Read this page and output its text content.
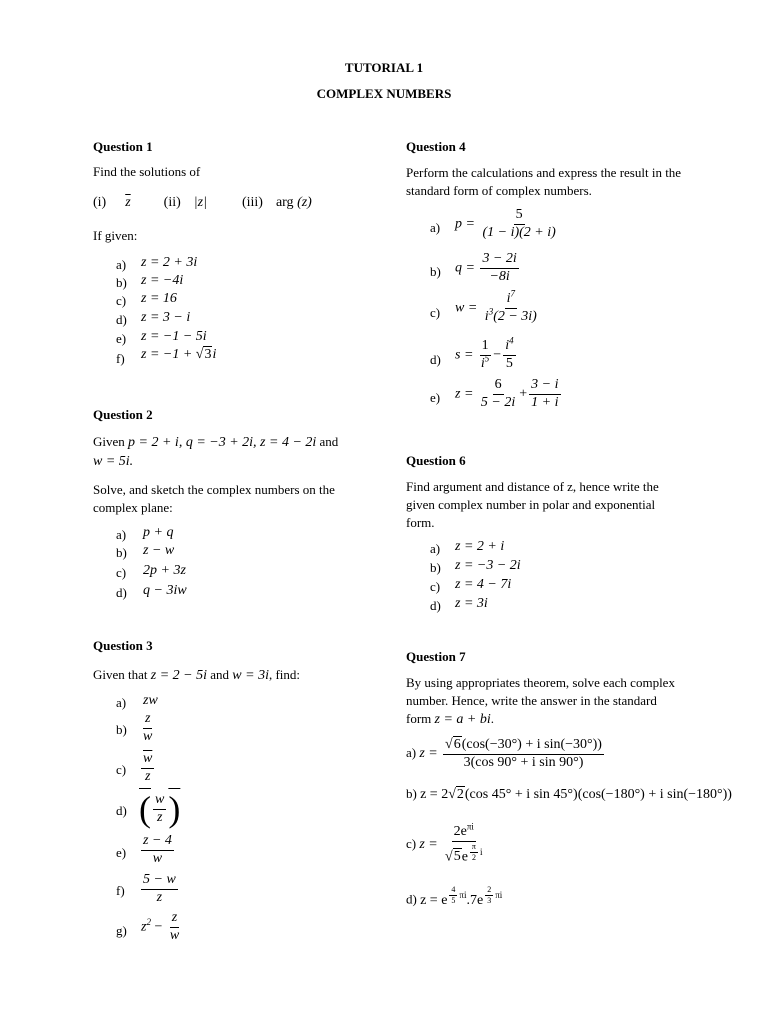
TUTORIAL 1
COMPLEX NUMBERS
Question 1
Find the solutions of
(i) $\overline{z}$ (ii) |z|	(iii) arg (z)
If given:
a) z = 2 + 3i
b) z = −4i
c) z = 16
d) z = 3 − i
e) z = −1 − 5i
f) z = −1 + √3i
Question 2
Given p = 2 + i, q = −3 + 2i, z = 4 − 2i and
w = 5i.
Solve, and sketch the complex numbers on the complex plane:
a) p + q
b) z − w
c) 2p + 3z
d) q − 3iw
Question 3
Given that z = 2 − 5i and w = 3i, find:
a) zw
$b) \frac{z}{w}$
$c) \frac{\overline{w}}{z}$
d) ( $\frac{w}{z}$ )
$e) \frac{z - 4}{w}$
$f) \frac{5 - w}{z}$
g) $z^2 - \frac{z}{w}$
Question 4
Perform the calculations and express the result in the standard form of complex numbers.
a) $p = \frac{5}{(1 - i)(2 + i)}$
b) $q = \frac{3 - 2i}{-8i}$
c) $w = \frac{i^7}{i^3(2 - 3i)}$
d) $s = \frac{1}{i^5} - \frac{i^4}{5}$
e) $z = \frac{6}{5 - 2i} + \frac{3 - i}{1 + i}$
Question 6
Find argument and distance of z, hence write the given complex number in polar and exponential form.
a) z = 2 + i
b) z = −3 − 2i
c) z = 4 − 7i
d) z = 3i
Question 7
By using appropriates theorem, solve each complex number. Hence, write the answer in the standard form z = a + bi.
a) $z = \frac{\text{√6(cos(−30°) + i sin(−30°))}}{\text{3(cos 90° + i sin 90°)}}$
b) z = 2√2(cos 45° + i sin 45°)(cos(−180°) + i sin(−180°))
c) $z = 2e^{\pi i}$
√5e $^{\frac{\pi}{2} i}$
d) z = e $^{\frac{4}{5} \pi i}$.7e $^{\frac{2}{3} \pi i}$
